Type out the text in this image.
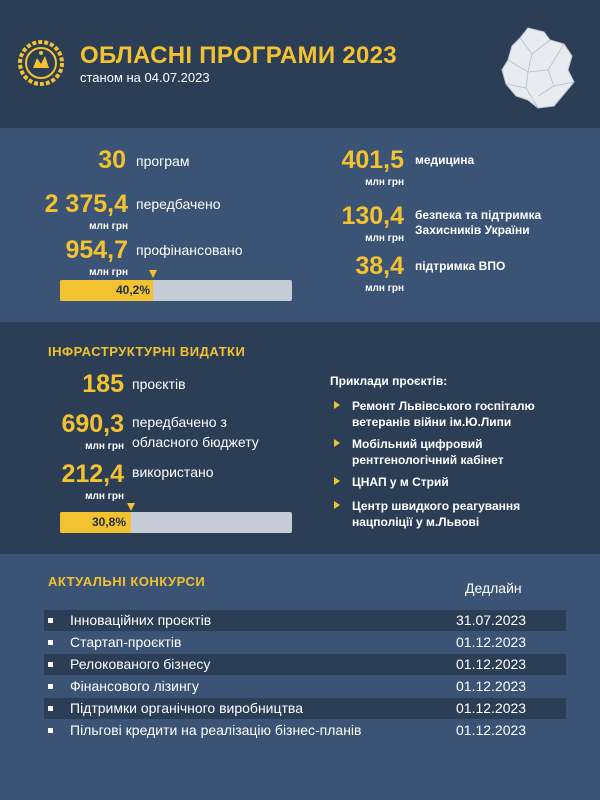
ОБЛАСНІ ПРОГРАМИ 2023
станом на 04.07.2023
30 програм
2 375,4
млн грн
передбачено
954,7
млн грн
профінансовано
40,2%
401,5
млн грн
медицина
130,4
млн грн
безпека та підтримка
Захисників України
38,4
млн грн
підтримка ВПО
ІНФРАСТРУКТУРНІ ВИДАТКИ
185 проєктів
690,3
млн грн
передбачено з
обласного бюджету
212,4
млн грн
використано
30,8%
Приклади проєктів:
Ремонт Львівського госпіталю
ветеранів війни ім.Ю.Липи
Мобільний цифровий
рентгенологічний кабінет
ЦНАП у м Стрий
Центр швидкого реагування
нацполіції у м.Львові
АКТУАЛЬНІ КОНКУРСИ	Дедлайн
Інноваційних проєктів	31.07.2023
Стартап-проєктів	01.12.2023
Релокованого бізнесу	01.12.2023
Фінансового лізингу	01.12.2023
Підтримки органічного виробництва	01.12.2023
Пільгові кредити на реалізацію бізнес-планів	01.12.2023
